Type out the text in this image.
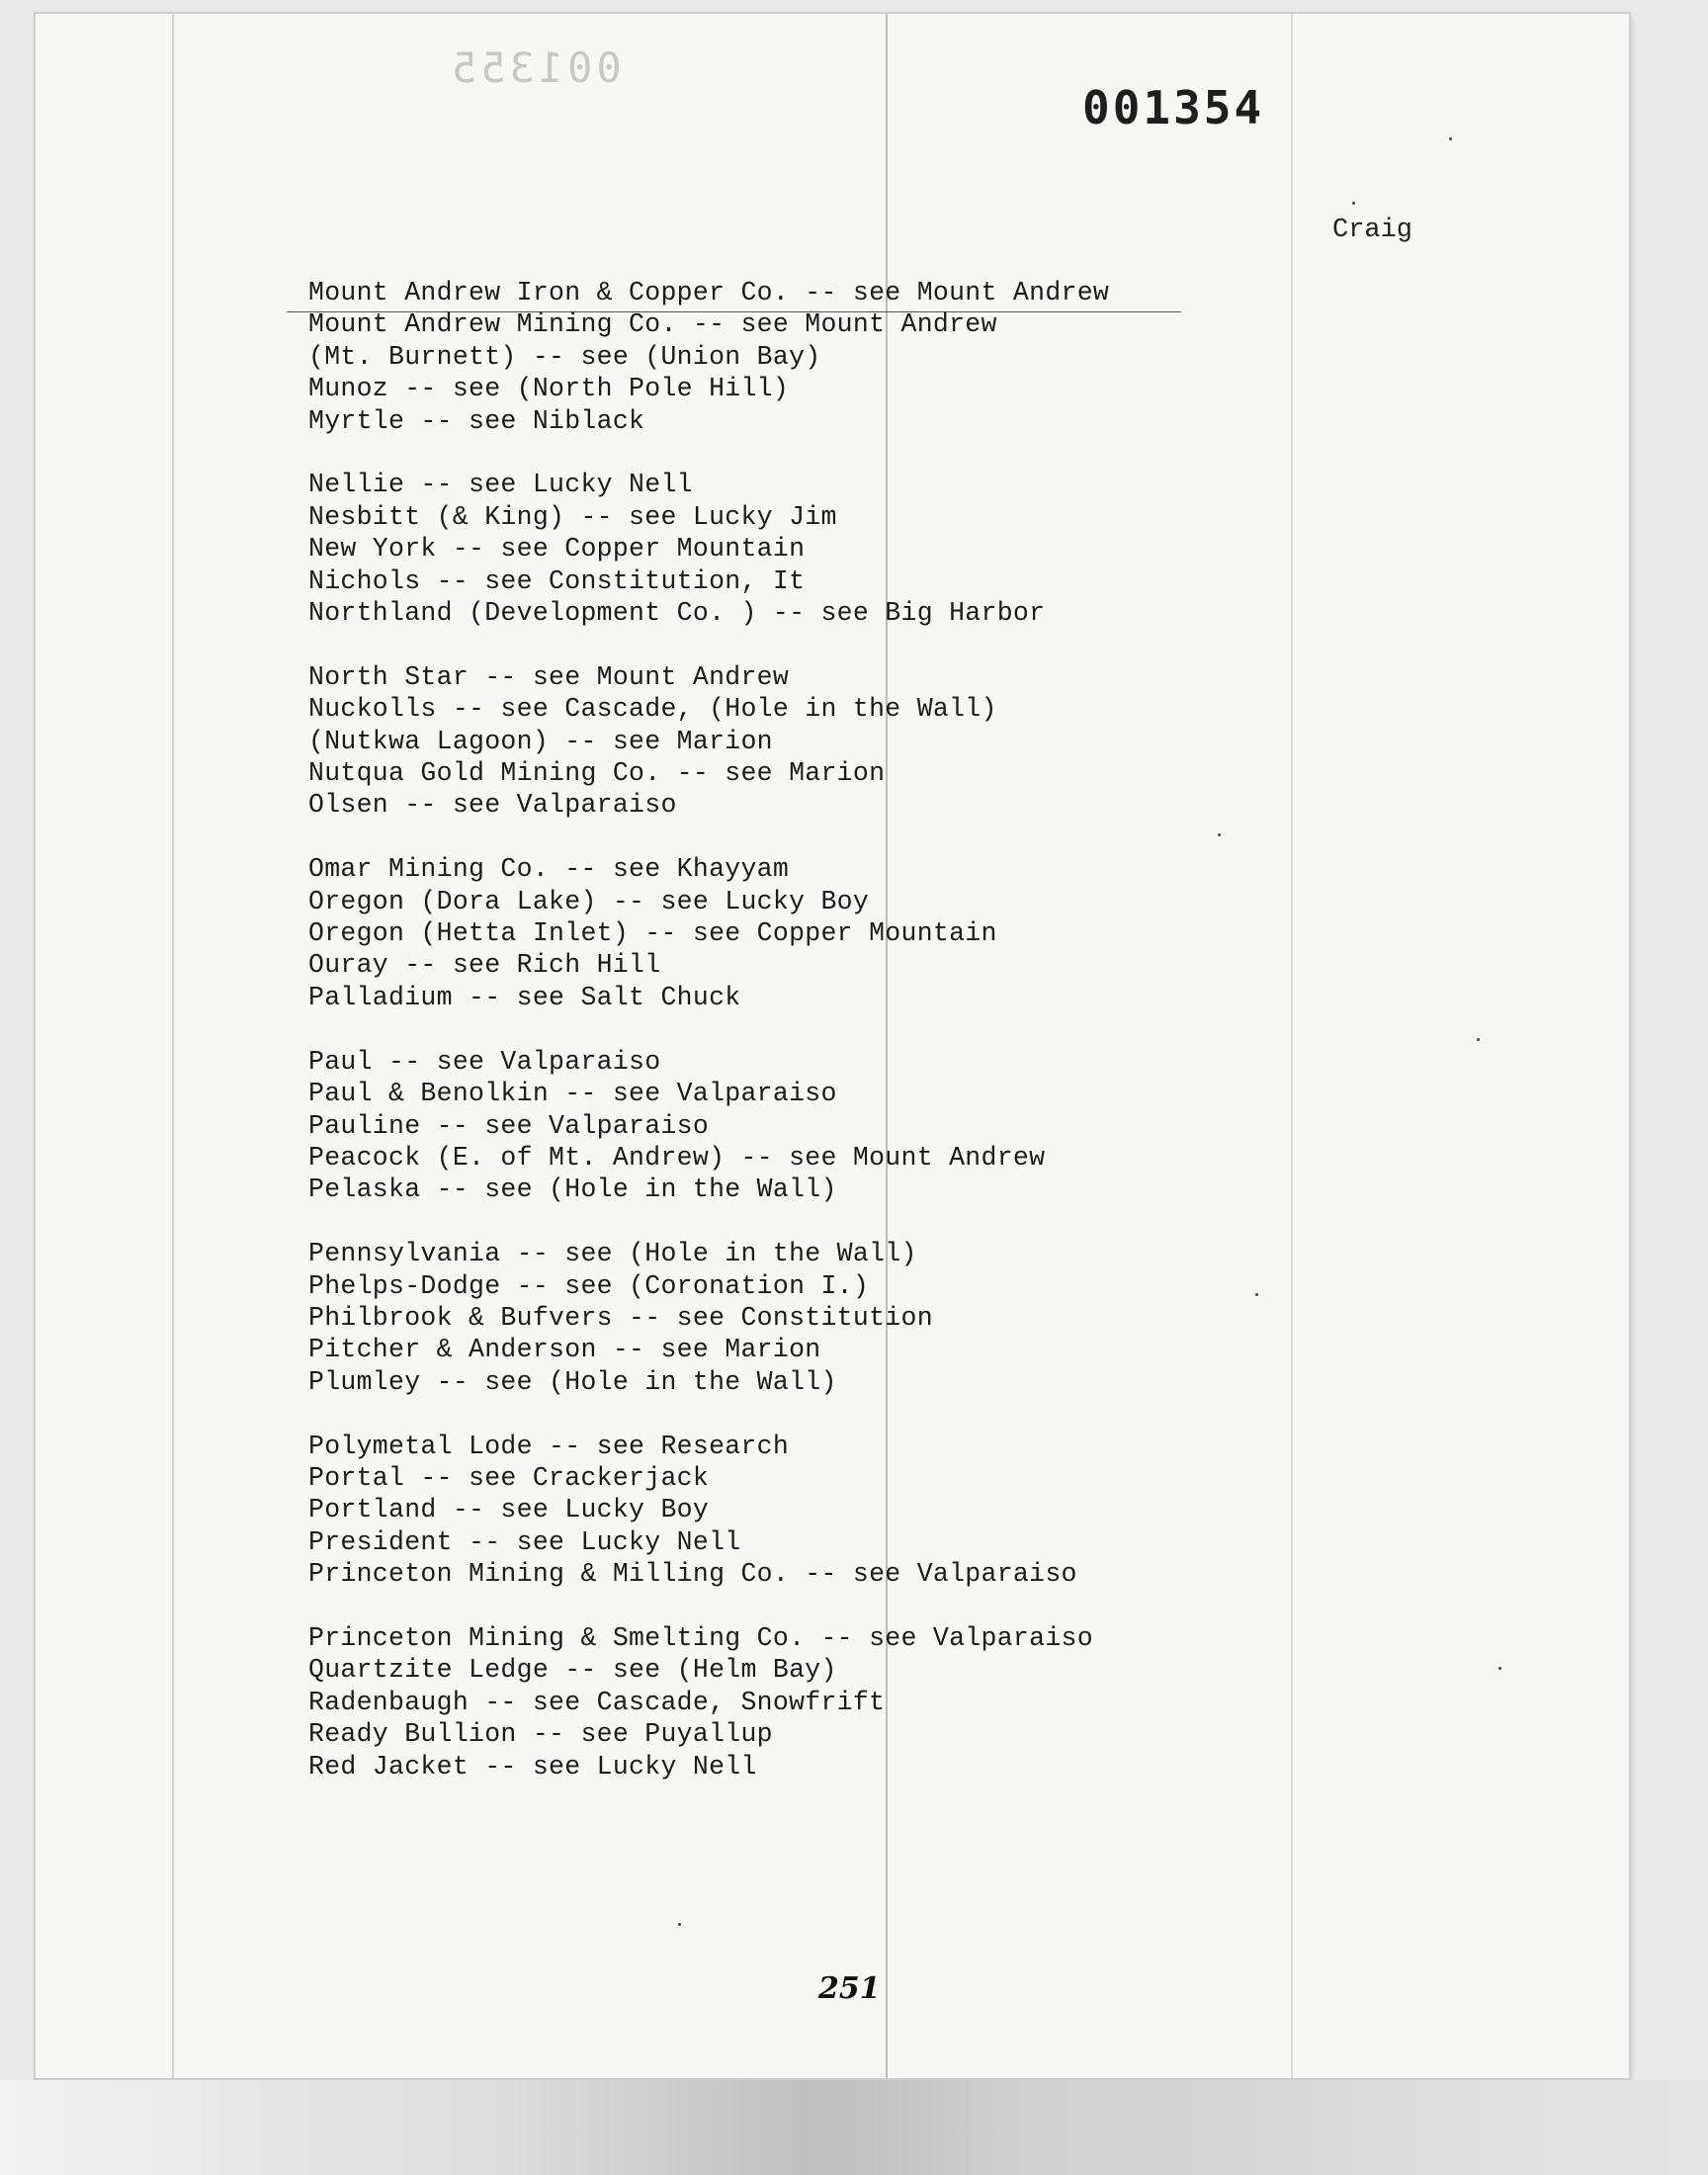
001355
001354
Craig
Mount Andrew Iron & Copper Co. -- see Mount Andrew
Mount Andrew Mining Co. -- see Mount Andrew
(Mt. Burnett) -- see (Union Bay)
Munoz -- see (North Pole Hill)
Myrtle -- see Niblack
Nellie -- see Lucky Nell
Nesbitt (& King) -- see Lucky Jim
New York -- see Copper Mountain
Nichols -- see Constitution, It
Northland (Development Co. ) -- see Big Harbor
North Star -- see Mount Andrew
Nuckolls -- see Cascade, (Hole in the Wall)
(Nutkwa Lagoon) -- see Marion
Nutqua Gold Mining Co. -- see Marion
Olsen -- see Valparaiso
Omar Mining Co. -- see Khayyam
Oregon (Dora Lake) -- see Lucky Boy
Oregon (Hetta Inlet) -- see Copper Mountain
Ouray -- see Rich Hill
Palladium -- see Salt Chuck
Paul -- see Valparaiso
Paul & Benolkin -- see Valparaiso
Pauline -- see Valparaiso
Peacock (E. of Mt. Andrew) -- see Mount Andrew
Pelaska -- see (Hole in the Wall)
Pennsylvania -- see (Hole in the Wall)
Phelps-Dodge -- see (Coronation I.)
Philbrook & Bufvers -- see Constitution
Pitcher & Anderson -- see Marion
Plumley -- see (Hole in the Wall)
Polymetal Lode -- see Research
Portal -- see Crackerjack
Portland -- see Lucky Boy
President -- see Lucky Nell
Princeton Mining & Milling Co. -- see Valparaiso
Princeton Mining & Smelting Co. -- see Valparaiso
Quartzite Ledge -- see (Helm Bay)
Radenbaugh -- see Cascade, Snowfrift
Ready Bullion -- see Puyallup
Red Jacket -- see Lucky Nell
251
